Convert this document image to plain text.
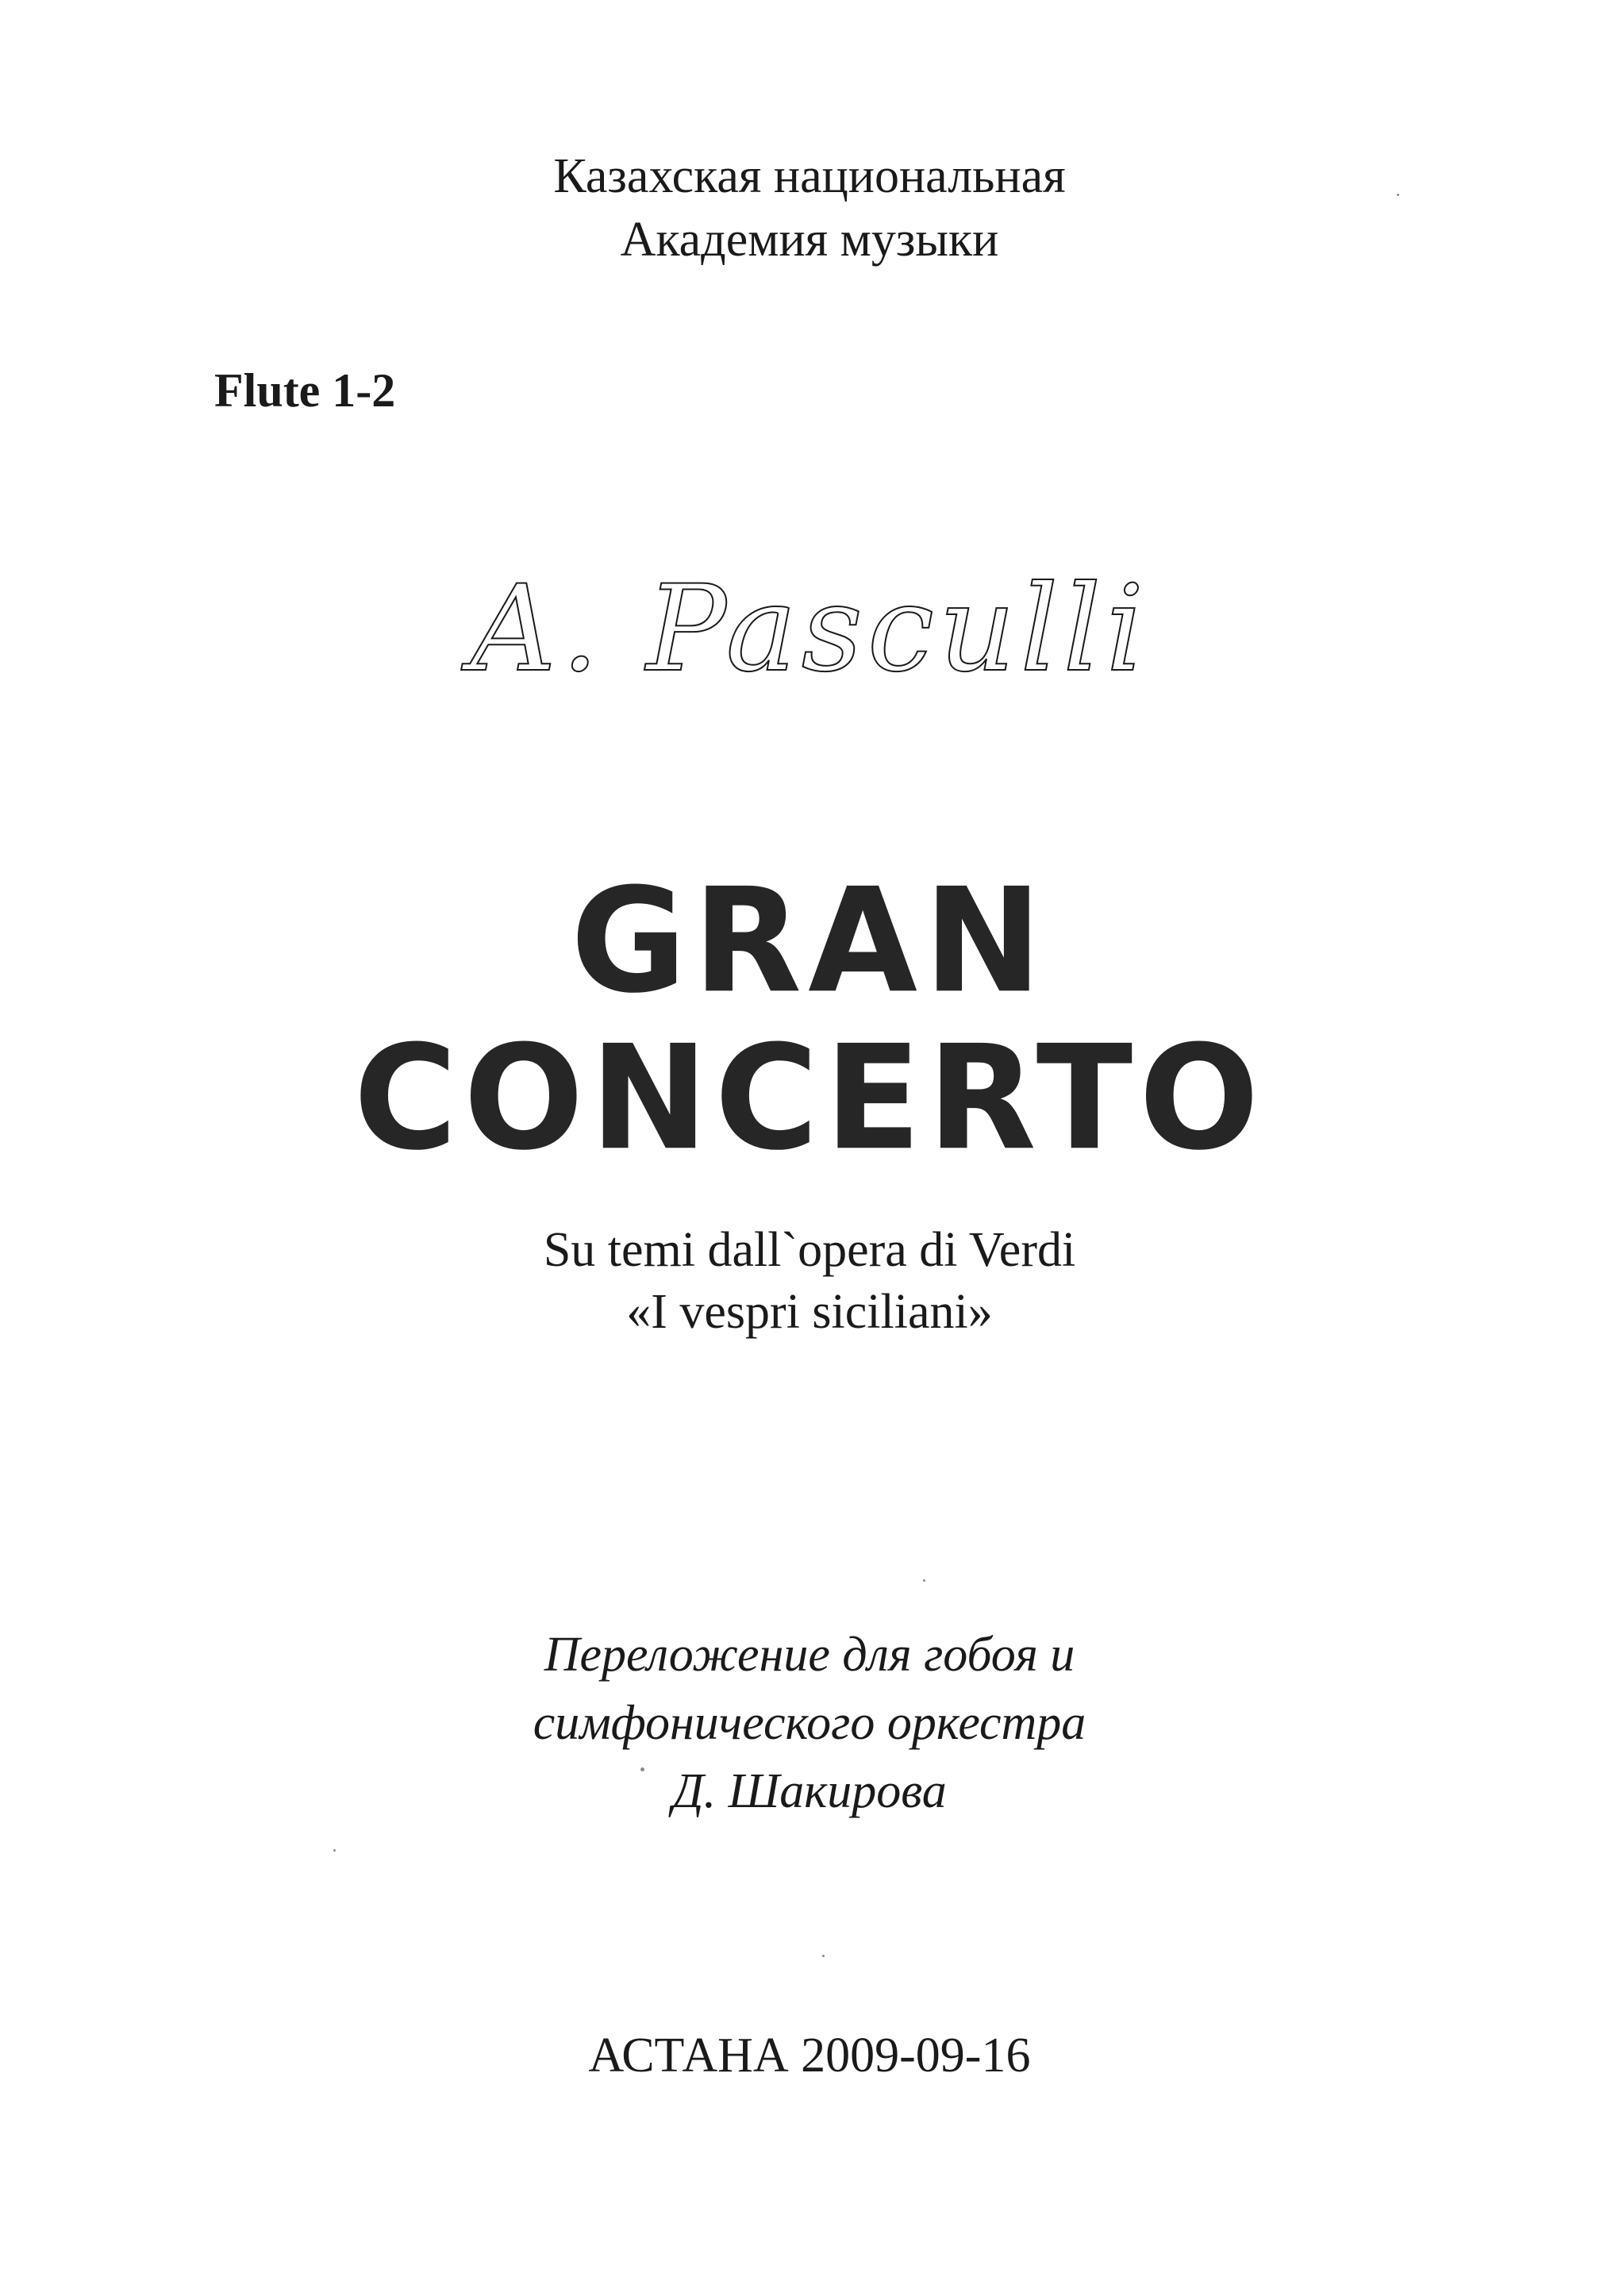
Казахская национальная
Академия музыки
Flute 1-2
A. Pasculli
GRAN
CONCERTO
Su temi dall`opera di Verdi
«I vespri siciliani»
Переложение для гобоя и
симфонического оркестра
Д. Шакирова
АСТАНА 2009-09-16
